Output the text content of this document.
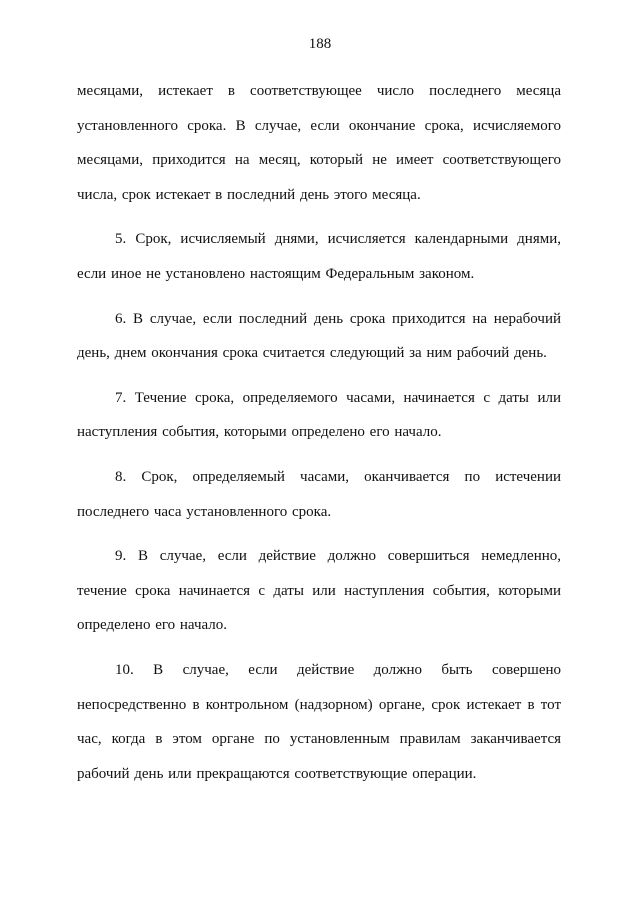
188

месяцами, истекает в соответствующее число последнего месяца установленного срока. В случае, если окончание срока, исчисляемого месяцами, приходится на месяц, который не имеет соответствующего числа, срок истекает в последний день этого месяца.

5. Срок, исчисляемый днями, исчисляется календарными днями, если иное не установлено настоящим Федеральным законом.

6. В случае, если последний день срока приходится на нерабочий день, днем окончания срока считается следующий за ним рабочий день.

7. Течение срока, определяемого часами, начинается с даты или наступления события, которыми определено его начало.

8. Срок, определяемый часами, оканчивается по истечении последнего часа установленного срока.

9. В случае, если действие должно совершиться немедленно, течение срока начинается с даты или наступления события, которыми определено его начало.

10. В случае, если действие должно быть совершено непосредственно в контрольном (надзорном) органе, срок истекает в тот час, когда в этом органе по установленным правилам заканчивается рабочий день или прекращаются соответствующие операции.
